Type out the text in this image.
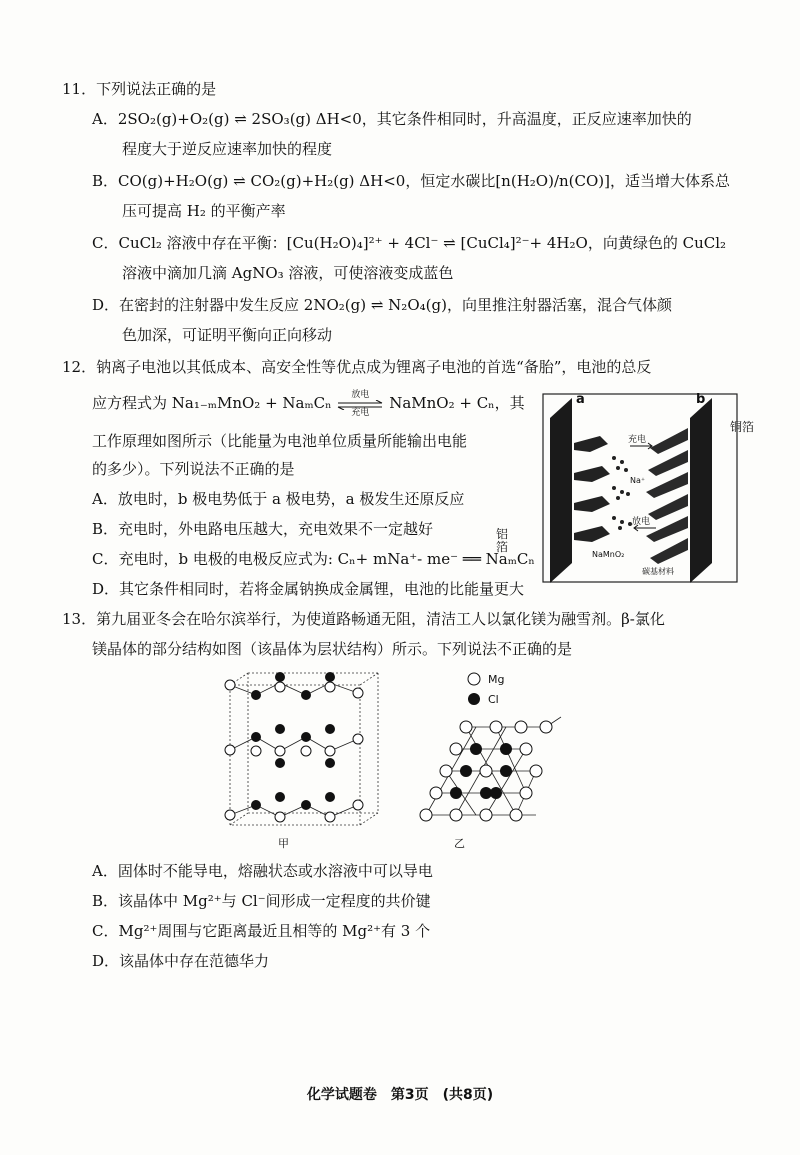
11．下列说法正确的是
A．2SO₂(g)+O₂(g) ⇌ 2SO₃(g) ΔH<0，其它条件相同时，升高温度，正反应速率加快的
程度大于逆反应速率加快的程度
B．CO(g)+H₂O(g) ⇌ CO₂(g)+H₂(g) ΔH<0，恒定水碳比[n(H₂O)/n(CO)]，适当增大体系总
压可提高 H₂ 的平衡产率
C．CuCl₂ 溶液中存在平衡：[Cu(H₂O)₄]²⁺ + 4Cl⁻ ⇌ [CuCl₄]²⁻+ 4H₂O，向黄绿色的 CuCl₂
溶液中滴加几滴 AgNO₃ 溶液，可使溶液变成蓝色
D．在密封的注射器中发生反应 2NO₂(g) ⇌ N₂O₄(g)，向里推注射器活塞，混合气体颜
色加深，可证明平衡向正向移动
12．钠离子电池以其低成本、高安全性等优点成为锂离子电池的首选“备胎”，电池的总反
应方程式为 Na₁₋ₘMnO₂ + NaₘCₙ	放电
充电
NaMnO₂ + Cₙ，其
工作原理如图所示（比能量为电池单位质量所能输出电能
的多少）。下列说法不正确的是
A．放电时，b 极电势低于 a 极电势，a 极发生还原反应
B．充电时，外电路电压越大，充电效果不一定越好
C．充电时，b 电极的电极反应式为: Cₙ+ mNa⁺- me⁻ ══ NaₘCₙ
D．其它条件相同时，若将金属钠换成金属锂，电池的比能量更大
a	b
铜箔
铝箔
充电
放电
Na⁺
NaMnO₂
碳基材料
13．第九届亚冬会在哈尔滨举行，为使道路畅通无阻，清洁工人以氯化镁为融雪剂。β-氯化
镁晶体的部分结构如图（该晶体为层状结构）所示。下列说法不正确的是
甲
Mg
Cl
乙
A．固体时不能导电，熔融状态或水溶液中可以导电
B．该晶体中 Mg²⁺与 Cl⁻间形成一定程度的共价键
C．Mg²⁺周围与它距离最近且相等的 Mg²⁺有 3 个
D．该晶体中存在范德华力
化学试题卷　第3页　(共8页)
